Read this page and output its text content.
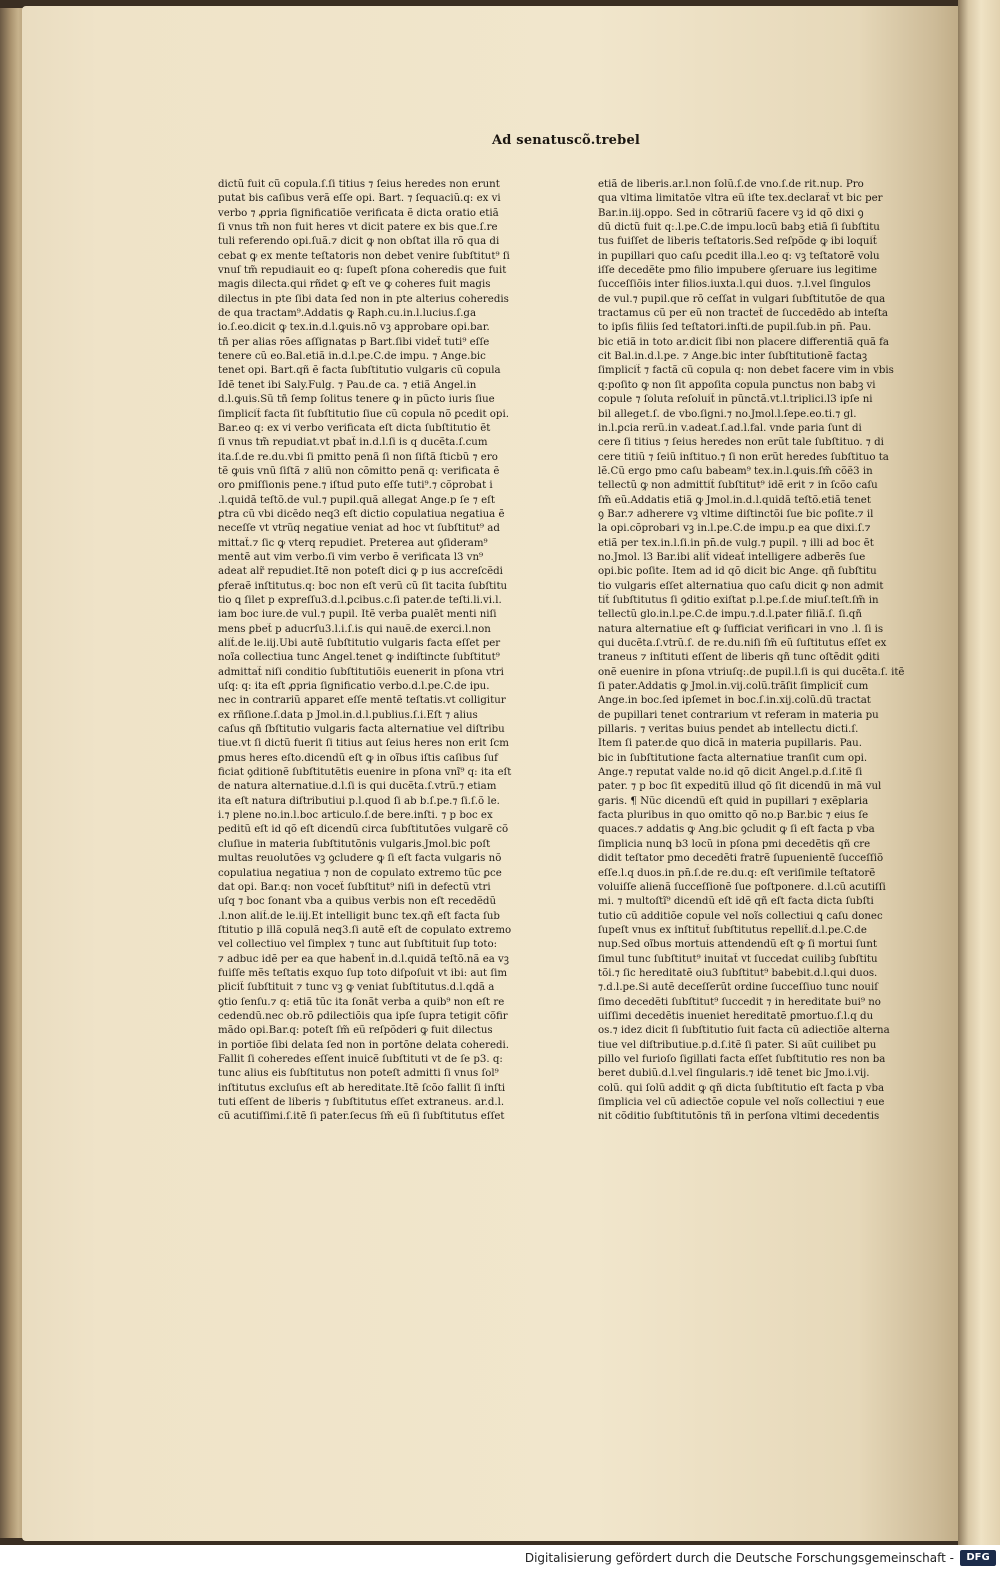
Ad senatuscõ.trebel
dictũ fuit cũ copula.ſ.ſi titius ⁊ ſeius heredes non erunt
putat bis caſibus verã eſſe opi. Bart. ⁊ ſequaciũ.q: ex vi
verbo ⁊ ꝓpria ſignificatiõe verificata ẽ dicta oratio etiã
ſi vnus tm̃ non fuit heres vt dicit patere ex bis que.ſ.re
tuli referendo opi.ſuã.⁊ dicit ꝙ non obſtat illa rõ qua di
cebat ꝙ ex mente teſtatoris non debet venire ſubſtitut⁹ ſi
vnuſ tm̃ repudiauit eo q: ſupeſt pſona coheredis que fuit
magis dilecta.qui rñdet ꝙ eſt ve ꝙ coheres fuit magis
dilectus in pte ſibi data ſed non in pte alterius coheredis
de qua tractam⁹.Addatis ꝙ Raph.cu.in.l.lucius.ſ.ga
io.ſ.eo.dicit ꝙ tex.in.d.l.ꝙuis.nõ vꝫ approbare opi.bar.
tñ per alias rões aſſignatas p Bart.ſibi videt̃ tuti⁹ eſſe
tenere cũ eo.Bal.etiã in.d.l.pe.C.de impu. ⁊ Ange.bic
tenet opi. Bart.qñ ẽ facta ſubſtitutio vulgaris cũ copula
Idẽ tenet ibi Saly.Fulg. ⁊ Pau.de ca. ⁊ etiã Angel.in
d.l.ꝙuis.Sũ tñ ſemp ſolitus tenere ꝙ in pũcto iuris ſiue
ſimplicit̃ facta ſit ſubſtitutio ſiue cũ copula nõ ꝑcedit opi.
Bar.eo q: ex vi verbo verificata eſt dicta ſubſtitutio ẽt
ſi vnus tm̃ repudiat.vt pbat̃ in.d.l.ſi is q ducẽta.ſ.cum
ita.ſ.de re.du.vbi ſi pmitto penã ſi non ſiſtã ſticbũ ⁊ ero
tẽ ꝙuis vnũ ſiſtã ⁊ aliũ non cõmitto penã q: verificata ẽ
oro ꝑmiſſionis pene.⁊ iſtud puto eſſe tuti⁹.⁊ cõprobat i
.l.quidã teſtõ.de vul.⁊ pupil.quã allegat Ange.p ſe ⁊ eſt
ꝑtra cũ vbi dicẽdo neq3 eſt dictio copulatiua negatiua ẽ
neceſſe vt vtrũq negatiue veniat ad hoc vt ſubſtitut⁹ ad
mittat̃.⁊ ſic ꝙ vterq repudiet. Preterea aut ꝯſideram⁹
mentẽ aut vim verbo.ſi vim verbo ẽ verificata l3 vn⁹
adeat alr̃ repudiet.Itẽ non poteſt dici ꝙ p ius accreſcẽdi
ꝑferaẽ inſtitutus.q: boc non eſt verũ cũ ſit tacita ſubſtitu
tio ꝗ ſilet p expreſſu3.d.l.ꝑcibus.c.ſi pater.de teſti.li.vi.l.
iam boc iure.de vul.⁊ pupil. Itẽ verba ꝑualẽt menti niſi
mens ꝑbet̃ p aducrſu3.l.i.ſ.is qui nauẽ.de exerci.l.non
alit̃.de le.iij.Ubi autẽ ſubſtitutio vulgaris facta eſſet per
noĩa collectiua tunc Angel.tenet ꝙ indiſtincte ſubſtitut⁹
admittat̃ niſi conditio ſubſtitutiõis euenerit in pſona vtri
uſq: q: ita eſt ꝓpria ſignificatio verbo.d.l.pe.C.de ipu.
nec in contrariũ apparet eſſe mentẽ teſtatis.vt colligitur
ex rñſione.ſ.data p Jmol.in.d.l.publius.ſ.i.Eſt ⁊ alius
caſus qñ ſbſtitutio vulgaris facta alternatiue vel diſtribu
tiue.vt ſi dictũ fuerit ſi titius aut ſeius heres non erit ſcm
ꝑmus heres eſto.dicendũ eſt ꝙ in oĩbus iſtis caſibus ſuf
ficiat ꝯditionẽ ſubſtitutẽtis euenire in pſona vnĩ⁹ q: ita eſt
de natura alternatiue.d.l.ſi is qui ducẽta.ſ.vtrũ.⁊ etiam
ita eſt natura diſtributiui p.l.quod ſi ab b.ſ.pe.⁊ ſi.ſ.õ le.
i.⁊ plene no.in.l.boc articulo.ſ.de bere.inſti. ⁊ p boc ex
peditũ eſt id qõ eſt dicendũ circa ſubſtitutões vulgarẽ cõ
cluſiue in materia ſubſtitutõnis vulgaris.Jmol.bic poſt
multas reuolutões vꝫ ꝯcludere ꝙ ſi eſt facta vulgaris nõ
copulatiua negatiua ⁊ non de copulato extremo tũc ꝑce
dat opi. Bar.q: non vocet̃ ſubſtitut⁹ niſi in defectũ vtri
uſq ⁊ boc ſonant vba a quibus verbis non eſt recedẽdũ
.l.non alit̃.de le.iij.Et intelligit bunc tex.qñ eſt facta ſub
ſtitutio p illã copulã neq3.ſi autẽ eſt de copulato extremo
vel collectiuo vel ſimplex ⁊ tunc aut ſubſtituit ſup toto:
⁊ adbuc idẽ per ea que habent̃ in.d.l.quidã teſtõ.nã ea vꝫ
fuiſſe mẽs teſtatis exquo ſup toto diſpoſuit vt ibi: aut ſim
plicit̃ ſubſtituit ⁊ tunc vꝫ ꝙ veniat ſubſtitutus.d.l.qdã a
ꝯtio ſenſu.⁊ q: etiã tũc ita ſonãt verba a quib⁹ non eſt re
cedendũ.nec ob.rõ ꝑdilectiõis qua ipſe ſupra tetigit cõfir
mãdo opi.Bar.q: poteſt ſm̃ eũ reſpõderi ꝙ fuit dilectus
in portiõe ſibi delata ſed non in portõne delata coheredi.
Fallit ſi coheredes eſſent inuicẽ ſubſtituti vt de ſe p3. q:
tunc alius eis ſubſtitutus non poteſt admitti ſi vnus ſol⁹
inſtitutus excluſus eſt ab hereditate.Itẽ ſcõo fallit ſi inſti
tuti eſſent de liberis ⁊ ſubſtitutus eſſet extraneus. ar.d.l.
cũ acutiſſimi.ſ.itẽ ſi pater.ſecus ſm̃ eũ ſi ſubſtitutus eſſet
etiã de liberis.ar.l.non ſolũ.ſ.de vno.ſ.de rit.nup. Pro
qua vltima limitatõe vltra eũ iſte tex.declarat̃ vt bic per
Bar.in.iij.oppo. Sed in cõtrariũ facere vꝫ id qõ dixi ꝯ
dũ dictũ fuit q:.l.pe.C.de impu.locũ babꝫ etiã ſi ſubſtitu
tus fuiſſet de liberis teſtatoris.Sed reſpõde ꝙ ibi loquit̃
in pupillari quo caſu ꝑcedit illa.l.eo q: vꝫ teſtatorẽ volu
iſſe decedẽte pmo filio impubere ꝯſeruare ius legitime
ſucceſſiõis inter filios.iuxta.l.qui duos. ⁊.l.vel ſingulos
de vul.⁊ pupil.que rõ ceſſat in vulgari ſubſtitutõe de qua
tractamus cũ per eũ non tractet̃ de ſuccedẽdo ab inteſta
to ipſis filiis ſed teſtatori.inſti.de pupil.ſub.in pn̄. Pau.
bic etiã in toto ar.dicit ſibi non placere differentiã quã fa
cit Bal.in.d.l.pe. ⁊ Ange.bic inter ſubſtitutionẽ factaꝫ
ſimplicit̃ ⁊ factã cũ copula q: non debet facere vim in vbis
q:poſito ꝙ non ſit appoſita copula punctus non babꝫ vi
copule ⁊ ſoluta reſoluit̃ in pũnctã.vt.l.triplici.l3 ipſe ni
bil alleget.ſ. de vbo.ſigni.⁊ no.Jmol.l.ſepe.eo.ti.⁊ gl.
in.l.ꝑcia rerũ.in v.adeat.ſ.ad.l.fal. vnde paria ſunt di
cere ſi titius ⁊ ſeius heredes non erũt tale ſubſtituo. ⁊ di
cere titiũ ⁊ ſeiũ inſtituo.⁊ ſi non erũt heredes ſubſtituo ta
lẽ.Cũ ergo pmo caſu babeam⁹ tex.in.l.ꝙuis.ſm̃ cõẽ3 in
tellectũ ꝙ non admittit̃ ſubſtitut⁹ idẽ erit ⁊ in ſcõo caſu
ſm̃ eũ.Addatis etiã ꝙ Jmol.in.d.l.quidã teſtõ.etiã tenet
ꝯ Bar.⁊ adherere vꝫ vltime diſtinctõi ſue bic poſite.⁊ il
la opi.cõprobari vꝫ in.l.pe.C.de impu.p ea que dixi.ſ.⁊
etiã per tex.in.l.ſi.in pn̄.de vulg.⁊ pupil. ⁊ illi ad boc ẽt
no.Jmol. l3 Bar.ibi alit̃ videat̃ intelligere adberẽs ſue
opi.bic poſite. Item ad id qõ dicit bic Ange. qñ ſubſtitu
tio vulgaris eſſet alternatiua quo caſu dicit ꝙ non admit
tit̃ ſubſtitutus ſi ꝯditio exiſtat p.l.pe.ſ.de miuſ.teſt.ſm̃ in
tellectũ glo.in.l.pe.C.de impu.⁊.d.l.pater filiã.ſ. ſi.qñ
natura alternatiue eſt ꝙ ſufficiat verificari in vno .l. ſi is
qui ducẽta.ſ.vtrũ.ſ. de re.du.niſi ſm̃ eũ ſuſtitutus eſſet ex
traneus ⁊ inſtituti eſſent de liberis qñ tunc oſtẽdit ꝯditi
onẽ euenire in pſona vtriuſq:.de pupil.l.ſi is qui ducẽta.ſ. itẽ
ſi pater.Addatis ꝙ Jmol.in.vij.colũ.trãſit ſimplicit̃ cum
Ange.in boc.ſed ipſemet in boc.ſ.in.xij.colũ.dũ tractat
de pupillari tenet contrarium vt referam in materia pu
pillaris. ⁊ veritas buius pendet ab intellectu dicti.ſ.
Item ſi pater.de quo dicã in materia pupillaris. Pau.
bic in ſubſtitutione facta alternatiue tranſit cum opi.
Ange.⁊ reputat valde no.id qõ dicit Angel.p.d.ſ.itẽ ſi
pater. ⁊ p boc ſit expeditũ illud qõ ſit dicendũ in mã vul
garis. ¶ Nũc dicendũ eſt quid in pupillari ⁊ exẽplaria
facta pluribus in quo omitto qõ no.p Bar.bic ⁊ eius ſe
quaces.⁊ addatis ꝙ Ang.bic ꝯcludit ꝙ ſi eſt facta p vba
ſimplicia nunꝗ b3 locũ in pſona pmi decedẽtis qñ cre
didit teſtator pmo decedẽti fratrẽ ſupuenientẽ ſucceſſiõ
eſſe.l.q duos.in pn̄.ſ.de re.du.q: eſt veriſimile teſtatorẽ
voluiſſe alienã ſucceſſionẽ ſue poſtponere. d.l.cũ acutiſſi
mi. ⁊ multoſtĩ⁹ dicendũ eſt idẽ qñ eſt facta dicta ſubſti
tutio cũ additiõe copule vel noĩs collectiui ꝗ caſu donec
ſupeſt vnus ex inſtitut̃ ſubſtitutus repellit̃.d.l.pe.C.de
nup.Sed oĩbus mortuis attendendũ eſt ꝙ ſi mortui ſunt
ſimul tunc ſubſtitut⁹ inuitat̃ vt ſuccedat cuilibꝫ ſubſtitu
tõi.⁊ ſic hereditatẽ oiu3 ſubſtitut⁹ babebit.d.l.qui duos.
⁊.d.l.pe.Si autẽ deceſſerũt ordine ſucceſſiuo tunc nouiſ
ſimo decedẽti ſubſtitut⁹ ſuccedit ⁊ in hereditate bui⁹ no
uiſſimi decedẽtis inueniet hereditatẽ ꝑmortuo.ſ.l.q du
os.⁊ idez dicit ſi ſubſtitutio ſuit facta cũ adiectiõe alterna
tiue vel diſtributiue.p.d.ſ.itẽ ſi pater. Si aũt cuilibet pu
pillo vel furioſo ſigillati facta eſſet ſubſtitutio res non ba
beret dubiũ.d.l.vel ſingularis.⁊ idẽ tenet bic Jmo.i.vij.
colũ. qui ſolũ addit ꝙ qñ dicta ſubſtitutio eſt facta p vba
ſimplicia vel cũ adiectõe copule vel noĩs collectiui ⁊ eue
nit cõditio ſubſtitutõnis tñ in perſona vltimi decedentis
Digitalisierung gefördert durch die Deutsche Forschungsgemeinschaft -	DFG
